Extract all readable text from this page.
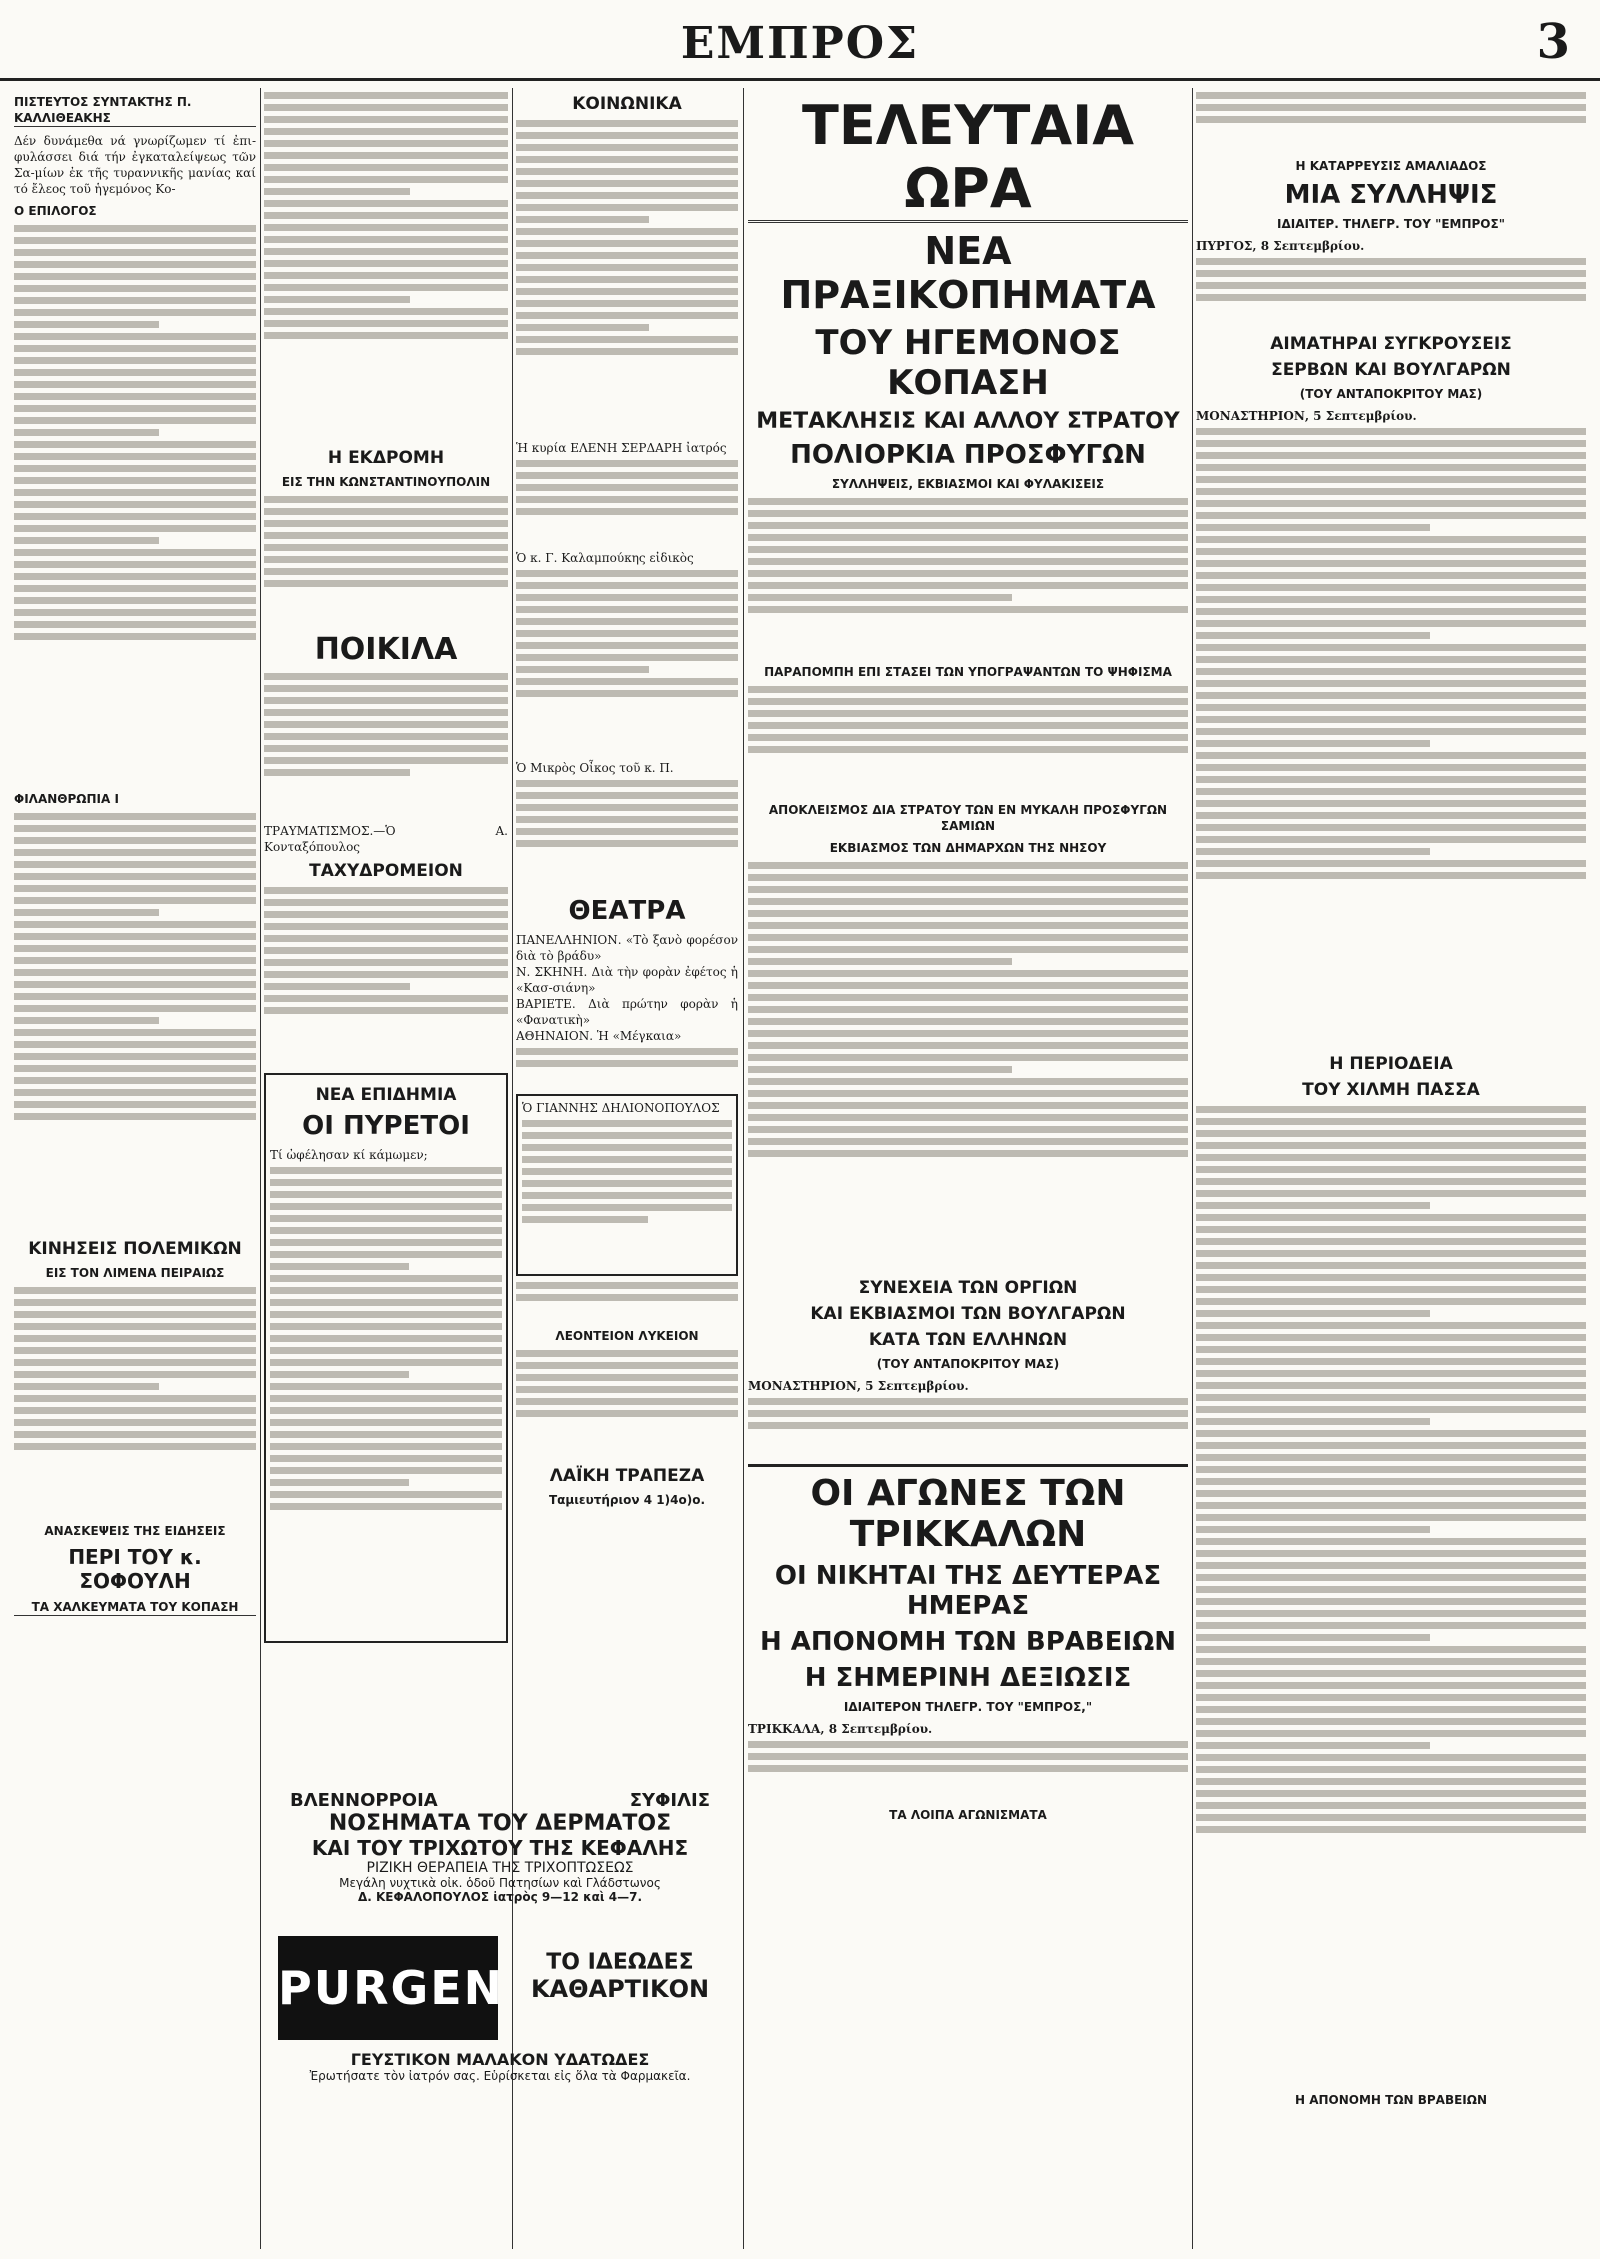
ΕΜΠΡΟΣ	3
ΠΙΣΤΕΥΤΟΣ ΣΥΝΤΑΚΤΗΣ Π. ΚΑΛΛΙΘΕΑΚΗΣ

Δέν δυνάμεθα νά γνωρίζωμεν τί ἐπι-φυλάσσει διά τήν ἐγκαταλείψεως τῶν Σα-μίων ἐκ τῆς τυραννικῆς μανίας καί τό ἔλεος τοῦ ἡγεμόνος Κο-

Ο ΕΠΙΛΟΓΟΣ
ΦΙΛΑΝΘΡΩΠΙΑ Ι
ΚΙΝΗΣΕΙΣ ΠΟΛΕΜΙΚΩΝ
ΕΙΣ ΤΟΝ ΛΙΜΕΝΑ ΠΕΙΡΑΙΩΣ
ΑΝΑΣΚΕΨΕΙΣ ΤΗΣ ΕΙΔΗΣΕΙΣ
ΠΕΡΙ ΤΟΥ κ. ΣΟΦΟΥΛΗ
ΤΑ ΧΑΛΚΕΥΜΑΤΑ ΤΟΥ ΚΟΠΑΣΗ
Η ΕΚΔΡΟΜΗ
ΕΙΣ ΤΗΝ ΚΩΝΣΤΑΝΤΙΝΟΥΠΟΛΙΝ
ΠΟΙΚΙΛΑ

ΤΡΑΥΜΑΤΙΣΜΟΣ.—Ὁ Α. Κονταξόπουλος

ΤΑΧΥΔΡΟΜΕΙΟΝ
ΝΕΑ ΕΠΙΔΗΜΙΑ
ΟΙ ΠΥΡΕΤΟΙ

Τί ὠφέλησαν κί κάμωμεν;

ΚΟΙΝΩΝΙΚΑ

Ἡ κυρία ΕΛΕΝΗ ΣΕΡΔΑΡΗ ἰατρός

Ὁ κ. Γ. Καλαμπούκης εἰδικὸς

Ὁ Μικρὸς Οἶκος τοῦ κ. Π.

ΘΕΑΤΡΑ

ΠΑΝΕΛΛΗΝΙΟΝ. «Τὸ ξανὸ φορέσον διὰ τὸ βράδυ»

Ν. ΣΚΗΝΗ. Διὰ τὴν φορὰν ἐφέτος ἡ «Κασ-σιάνη»

ΒΑΡΙΕΤΕ. Διὰ πρώτην φορὰν ἡ «Φανατικὴ»

ΑΘΗΝΑΙΟΝ. Ἡ «Μέγκαια»

Ὁ ΓΙΑΝΝΗΣ ΔΗΛΙΟΝΟΠΟΥΛΟΣ

ΛΕΟΝΤΕΙΟΝ ΛΥΚΕΙΟΝ
ΛΑΪΚΗ ΤΡΑΠΕΖΑ
Ταμιευτήριον 4 1)4ο)ο.
ΤΕΛΕΥΤΑΙΑ ΩΡΑ
ΝΕΑ ΠΡΑΞΙΚΟΠΗΜΑΤΑ
ΤΟΥ ΗΓΕΜΟΝΟΣ ΚΟΠΑΣΗ
ΜΕΤΑΚΛΗΣΙΣ ΚΑΙ ΑΛΛΟΥ ΣΤΡΑΤΟΥ
ΠΟΛΙΟΡΚΙΑ ΠΡΟΣΦΥΓΩΝ
ΣΥΛΛΗΨΕΙΣ, ΕΚΒΙΑΣΜΟΙ ΚΑΙ ΦΥΛΑΚΙΣΕΙΣ
ΠΑΡΑΠΟΜΠΗ ΕΠΙ ΣΤΑΣΕΙ ΤΩΝ ΥΠΟΓΡΑΨΑΝΤΩΝ ΤΟ ΨΗΦΙΣΜΑ
ΑΠΟΚΛΕΙΣΜΟΣ ΔΙΑ ΣΤΡΑΤΟΥ ΤΩΝ ΕΝ ΜΥΚΑΛΗ ΠΡΟΣΦΥΓΩΝ ΣΑΜΙΩΝ
ΕΚΒΙΑΣΜΟΣ ΤΩΝ ΔΗΜΑΡΧΩΝ ΤΗΣ ΝΗΣΟΥ
ΣΥΝΕΧΕΙΑ ΤΩΝ ΟΡΓΙΩΝ
ΚΑΙ ΕΚΒΙΑΣΜΟΙ ΤΩΝ ΒΟΥΛΓΑΡΩΝ
ΚΑΤΑ ΤΩΝ ΕΛΛΗΝΩΝ
(ΤΟΥ ΑΝΤΑΠΟΚΡΙΤΟΥ ΜΑΣ)

ΜΟΝΑΣΤΗΡΙΟΝ, 5 Σεπτεμβρίου.

ΟΙ ΑΓΩΝΕΣ ΤΩΝ ΤΡΙΚΚΑΛΩΝ
ΟΙ ΝΙΚΗΤΑΙ ΤΗΣ ΔΕΥΤΕΡΑΣ ΗΜΕΡΑΣ
Η ΑΠΟΝΟΜΗ ΤΩΝ ΒΡΑΒΕΙΩΝ
Η ΣΗΜΕΡΙΝΗ ΔΕΞΙΩΣΙΣ
ΙΔΙΑΙΤΕΡΟΝ ΤΗΛΕΓΡ. ΤΟΥ "ΕΜΠΡΟΣ,"

ΤΡΙΚΚΑΛΑ, 8 Σεπτεμβρίου.

ΤΑ ΛΟΙΠΑ ΑΓΩΝΙΣΜΑΤΑ
Η ΚΑΤΑΡΡΕΥΣΙΣ ΑΜΑΛΙΑΔΟΣ
ΜΙΑ ΣΥΛΛΗΨΙΣ
ΙΔΙΑΙΤΕΡ. ΤΗΛΕΓΡ. ΤΟΥ "ΕΜΠΡΟΣ"

ΠΥΡΓΟΣ, 8 Σεπτεμβρίου.

ΑΙΜΑΤΗΡΑΙ ΣΥΓΚΡΟΥΣΕΙΣ
ΣΕΡΒΩΝ ΚΑΙ ΒΟΥΛΓΑΡΩΝ
(ΤΟΥ ΑΝΤΑΠΟΚΡΙΤΟΥ ΜΑΣ)

ΜΟΝΑΣΤΗΡΙΟΝ, 5 Σεπτεμβρίου.

Η ΠΕΡΙΟΔΕΙΑ
ΤΟΥ ΧΙΛΜΗ ΠΑΣΣΑ
Η ΑΠΟΝΟΜΗ ΤΩΝ ΒΡΑΒΕΙΩΝ
ΒΛΕΝΝΟΡΡΟΙΑ	ΣΥΦΙΛΙΣ
ΝΟΣΗΜΑΤΑ ΤΟΥ ΔΕΡΜΑΤΟΣ
ΚΑΙ ΤΟΥ ΤΡΙΧΩΤΟΥ ΤΗΣ ΚΕΦΑΛΗΣ
ΡΙΖΙΚΗ ΘΕΡΑΠΕΙΑ ΤΗΣ ΤΡΙΧΟΠΤΩΣΕΩΣ
Μεγάλη νυχτικὰ οἰκ. ὁδοῦ Πατησίων καὶ Γλάδστωνος
Δ. ΚΕΦΑΛΟΠΟΥΛΟΣ ἰατρὸς 9—12 καὶ 4—7.
PURGEN	ΤΟ ΙΔΕΩΔΕΣ
ΚΑΘΑΡΤΙΚΟΝ
ΓΕΥΣΤΙΚΟΝ ΜΑΛΑΚΟΝ ΥΔΑΤΩΔΕΣ
Ἐρωτήσατε τὸν ἰατρόν σας. Εὑρίσκεται εἰς ὅλα τὰ Φαρμακεῖα.
